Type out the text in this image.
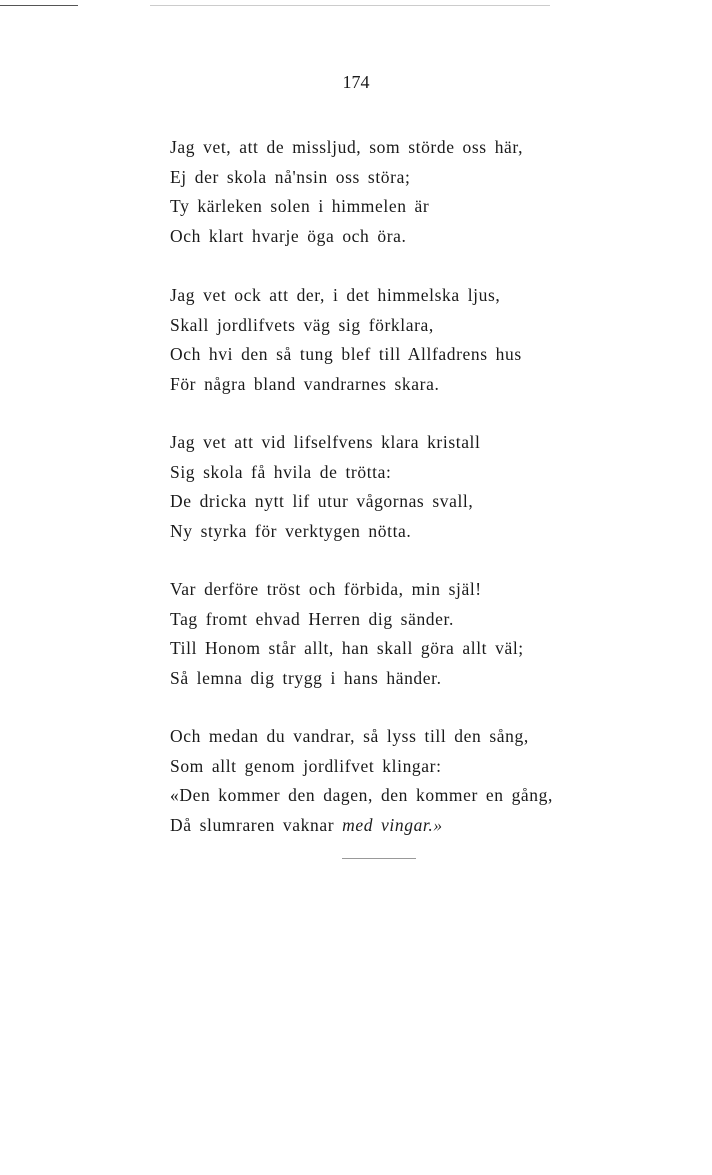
174
Jag vet, att de missljud, som störde oss här,
Ej der skola nå'nsin oss störa;
Ty kärleken solen i himmelen är
Och klart hvarje öga och öra.
Jag vet ock att der, i det himmelska ljus,
Skall jordlifvets väg sig förklara,
Och hvi den så tung blef till Allfadrens hus
För några bland vandrarnes skara.
Jag vet att vid lifselfvens klara kristall
Sig skola få hvila de trötta:
De dricka nytt lif utur vågornas svall,
Ny styrka för verktygen nötta.
Var derföre tröst och förbida, min själ!
Tag fromt ehvad Herren dig sänder.
Till Honom står allt, han skall göra allt väl;
Så lemna dig trygg i hans händer.
Och medan du vandrar, så lyss till den sång,
Som allt genom jordlifvet klingar:
«Den kommer den dagen, den kommer en gång,
Då slumraren vaknar med vingar.»
